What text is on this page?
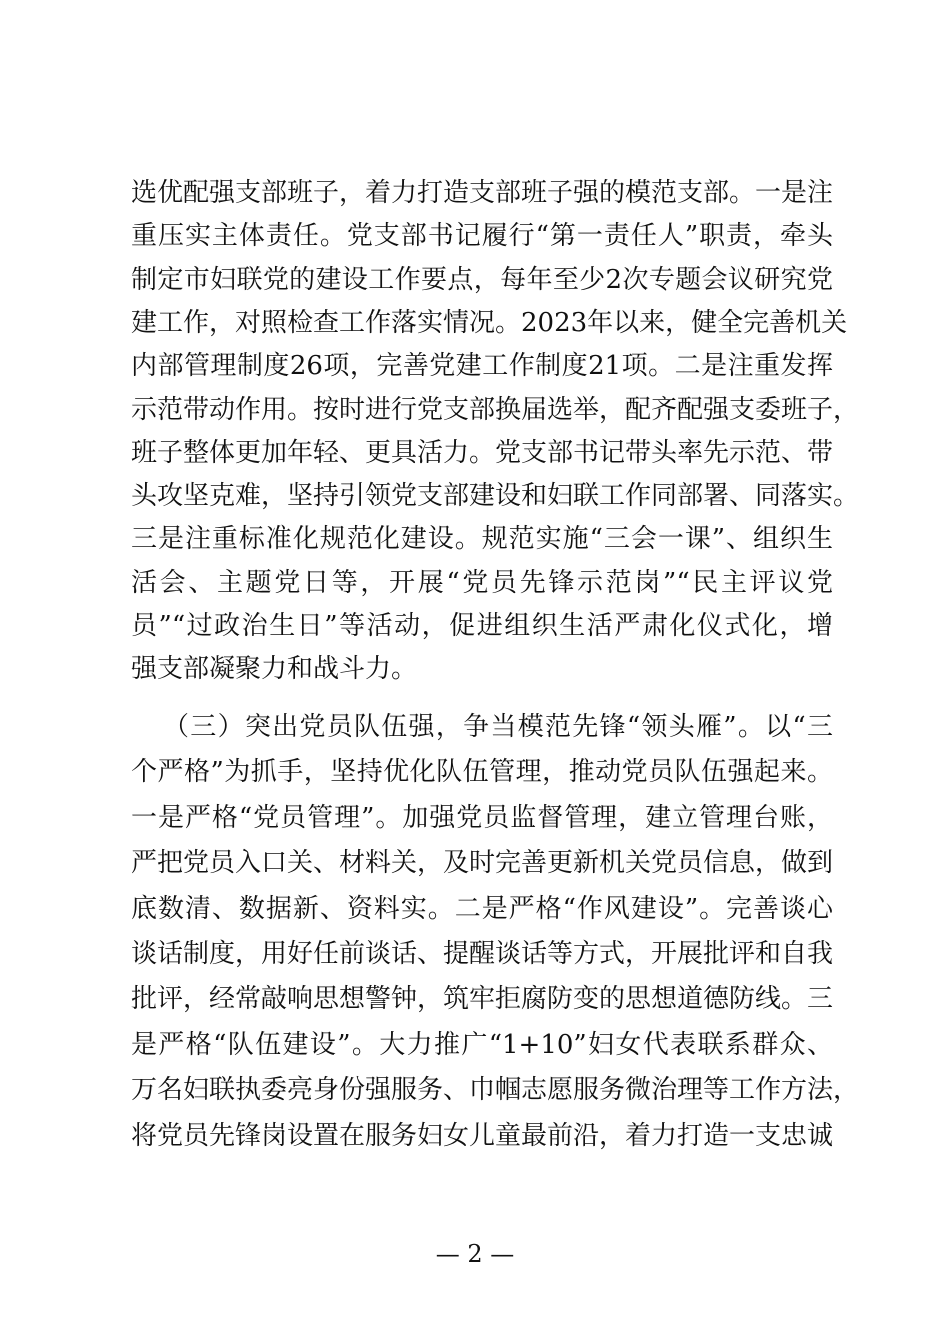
选优配强支部班子，着力打造支部班子强的模范支部。一是注
重压实主体责任。党支部书记履行“第一责任人”职责，牵头
制定市妇联党的建设工作要点，每年至少2次专题会议研究党
建工作，对照检查工作落实情况。2023年以来，健全完善机关
内部管理制度26项，完善党建工作制度21项。二是注重发挥
示范带动作用。按时进行党支部换届选举，配齐配强支委班子，
班子整体更加年轻、更具活力。党支部书记带头率先示范、带
头攻坚克难，坚持引领党支部建设和妇联工作同部署、同落实。
三是注重标准化规范化建设。规范实施“三会一课”、组织生
活会、主题党日等，开展“党员先锋示范岗”“民主评议党
员”“过政治生日”等活动，促进组织生活严肃化仪式化，增
强支部凝聚力和战斗力。
（三）突出党员队伍强，争当模范先锋“领头雁”。以“三
个严格”为抓手，坚持优化队伍管理，推动党员队伍强起来。
一是严格“党员管理”。加强党员监督管理，建立管理台账，
严把党员入口关、材料关，及时完善更新机关党员信息，做到
底数清、数据新、资料实。二是严格“作风建设”。完善谈心
谈话制度，用好任前谈话、提醒谈话等方式，开展批评和自我
批评，经常敲响思想警钟，筑牢拒腐防变的思想道德防线。三
是严格“队伍建设”。大力推广“1+10”妇女代表联系群众、
万名妇联执委亮身份强服务、巾帼志愿服务微治理等工作方法，
将党员先锋岗设置在服务妇女儿童最前沿，着力打造一支忠诚
— 2 —
